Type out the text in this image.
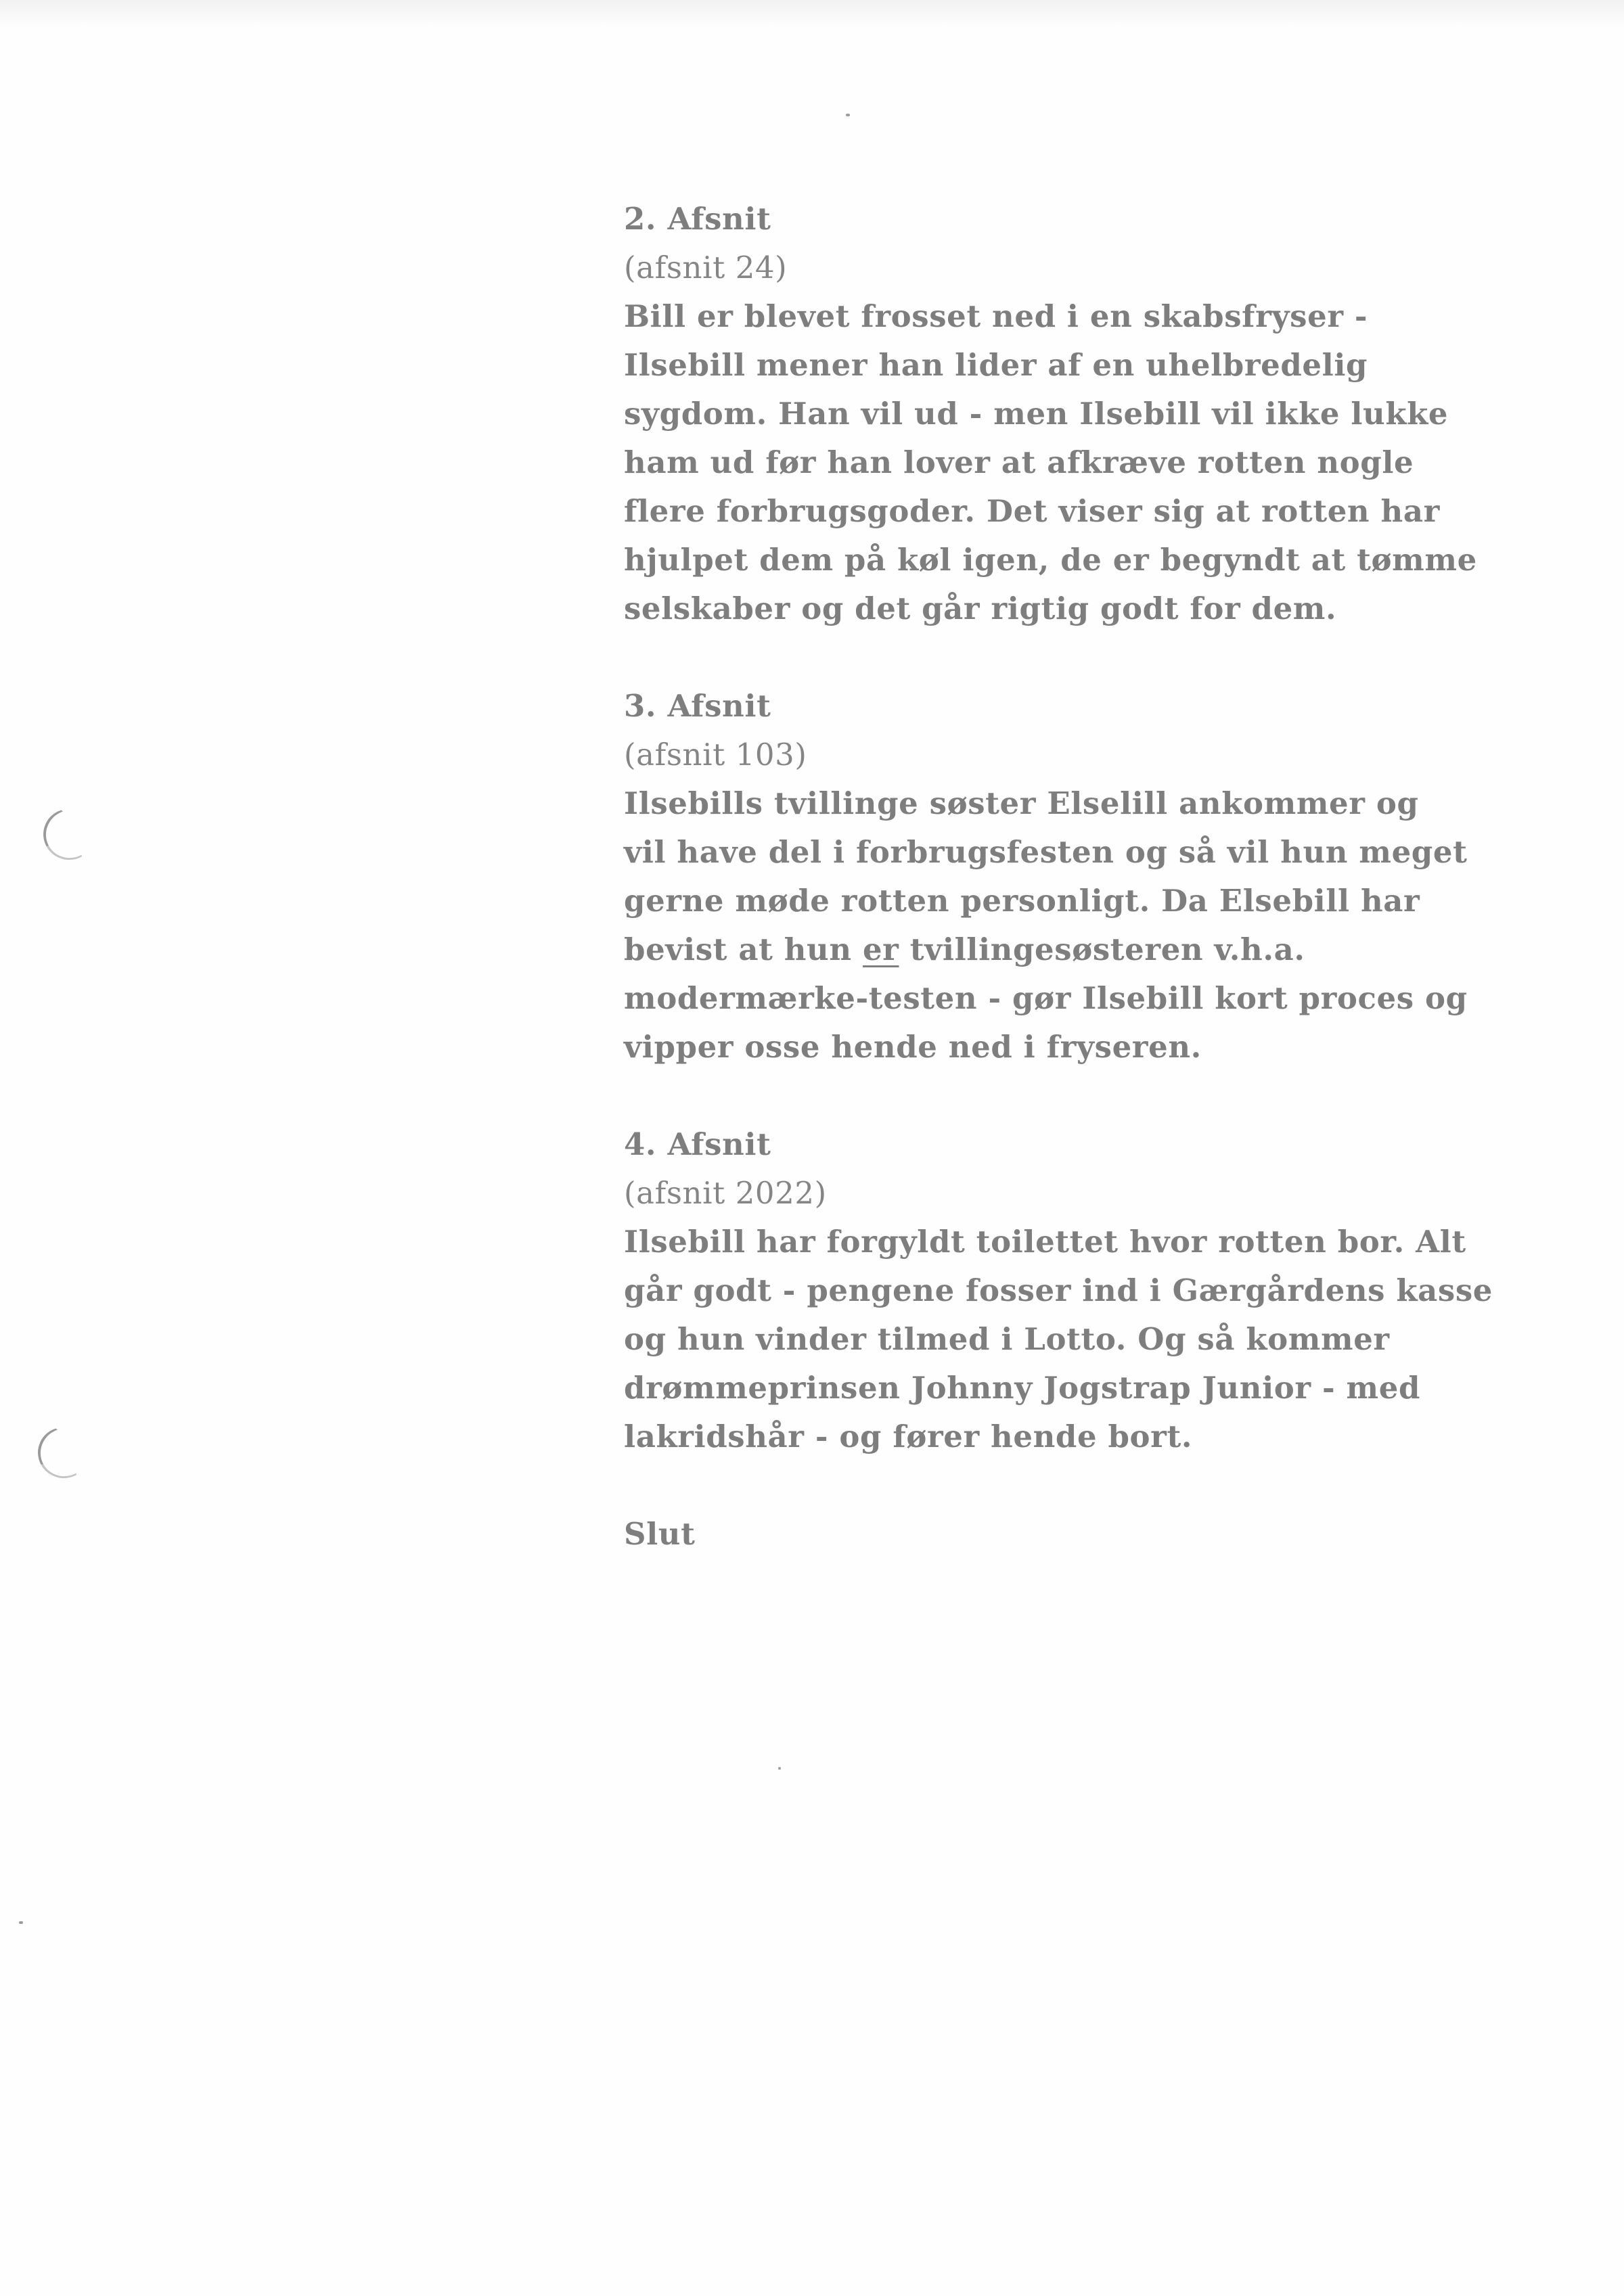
2. Afsnit
(afsnit 24)
Bill er blevet frosset ned i en skabsfryser -
Ilsebill mener han lider af en uhelbredelig
sygdom. Han vil ud - men Ilsebill vil ikke lukke
ham ud før han lover at afkræve rotten nogle
flere forbrugsgoder. Det viser sig at rotten har
hjulpet dem på køl igen, de er begyndt at tømme
selskaber og det går rigtig godt for dem.
3. Afsnit
(afsnit 103)
Ilsebills tvillinge søster Elselill ankommer og
vil have del i forbrugsfesten og så vil hun meget
gerne møde rotten personligt. Da Elsebill har
bevist at hun er tvillingesøsteren v.h.a.
modermærke-testen - gør Ilsebill kort proces og
vipper osse hende ned i fryseren.
4. Afsnit
(afsnit 2022)
Ilsebill har forgyldt toilettet hvor rotten bor. Alt
går godt - pengene fosser ind i Gærgårdens kasse
og hun vinder tilmed i Lotto. Og så kommer
drømmeprinsen Johnny Jogstrap Junior - med
lakridshår - og fører hende bort.
Slut
